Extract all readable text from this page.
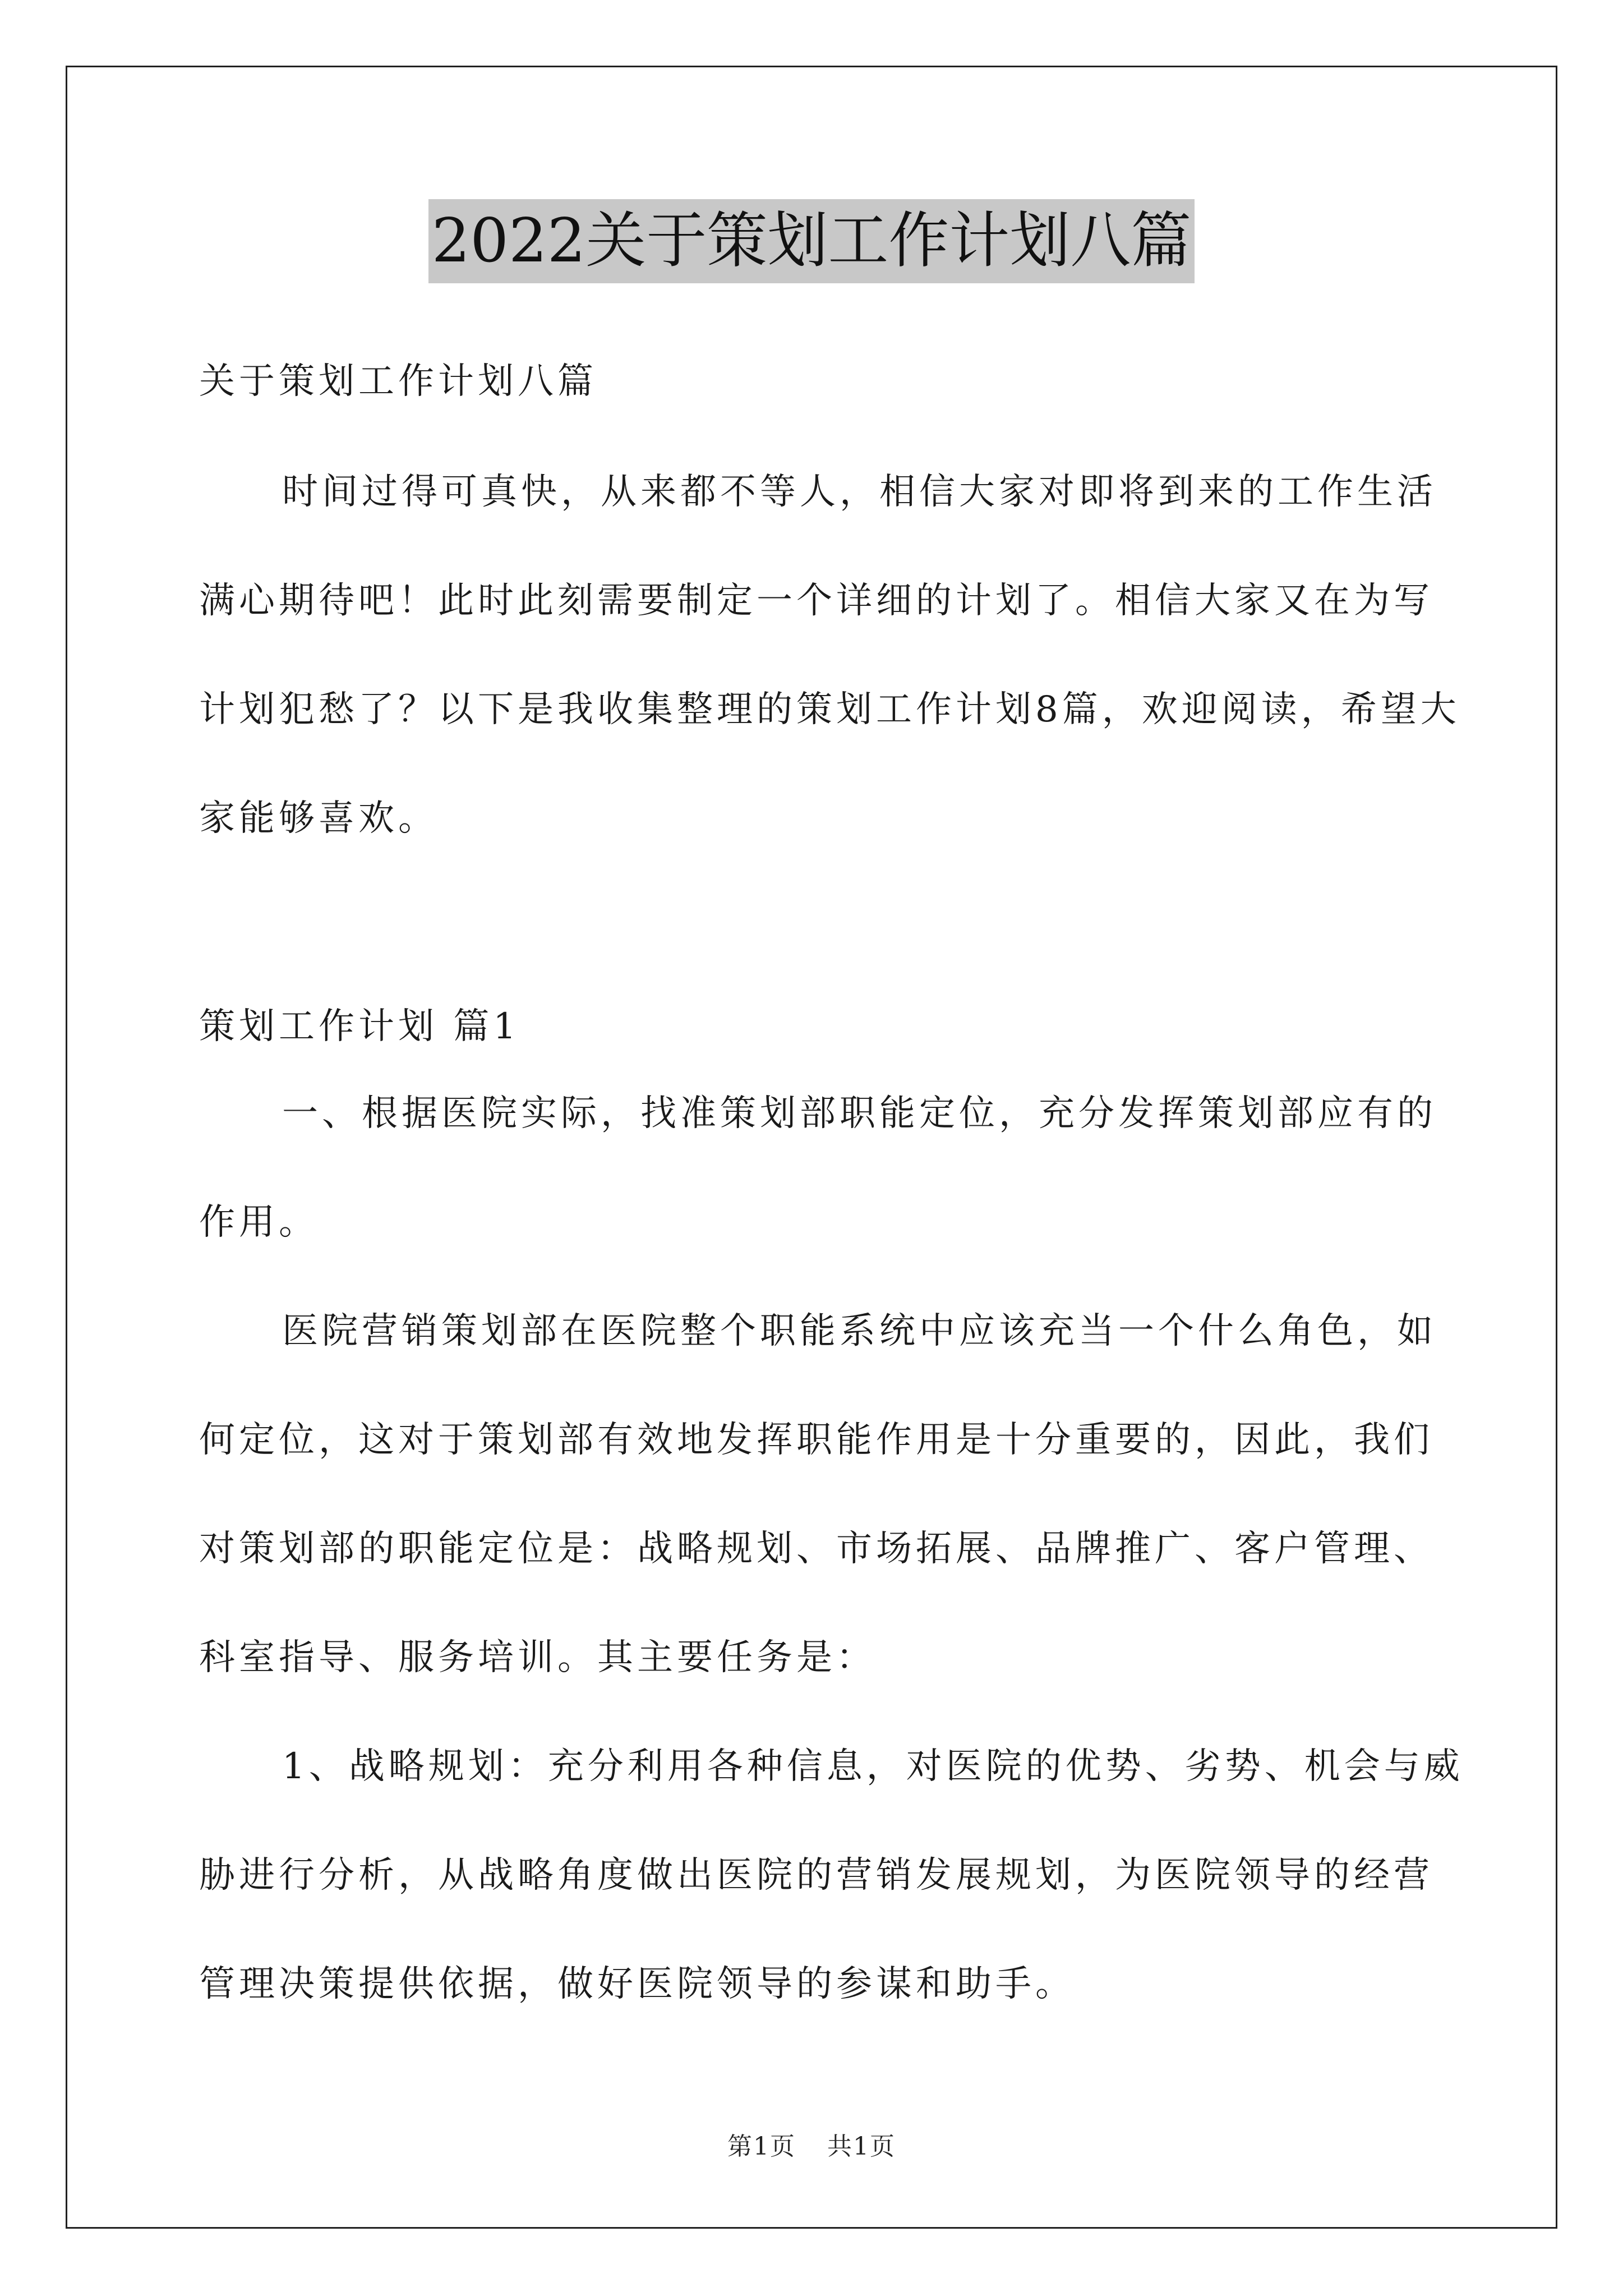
2022关于策划工作计划八篇
关于策划工作计划八篇

时间过得可真快，从来都不等人，相信大家对即将到来的工作生活满心期待吧！此时此刻需要制定一个详细的计划了。相信大家又在为写计划犯愁了？以下是我收集整理的策划工作计划8篇，欢迎阅读，希望大家能够喜欢。

策划工作计划 篇1

一、根据医院实际，找准策划部职能定位，充分发挥策划部应有的作用。

医院营销策划部在医院整个职能系统中应该充当一个什么角色，如何定位，这对于策划部有效地发挥职能作用是十分重要的，因此，我们对策划部的职能定位是：战略规划、市场拓展、品牌推广、客户管理、科室指导、服务培训。其主要任务是：

1、战略规划：充分利用各种信息，对医院的优势、劣势、机会与威胁进行分析，从战略角度做出医院的营销发展规划，为医院领导的经营管理决策提供依据，做好医院领导的参谋和助手。

第1页 共1页
